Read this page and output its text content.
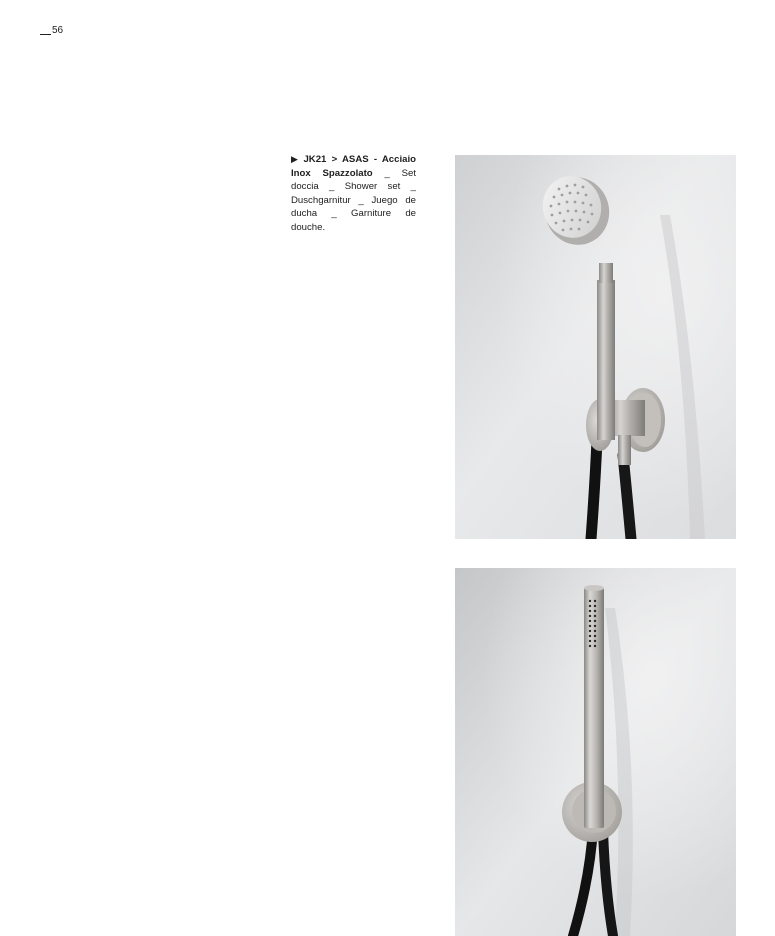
56
▶ JK21 > ASAS - Acciaio Inox Spazzolato _ Set doccia _ Shower set _ Duschgarnitur _ Juego de ducha _ Garniture de douche.
